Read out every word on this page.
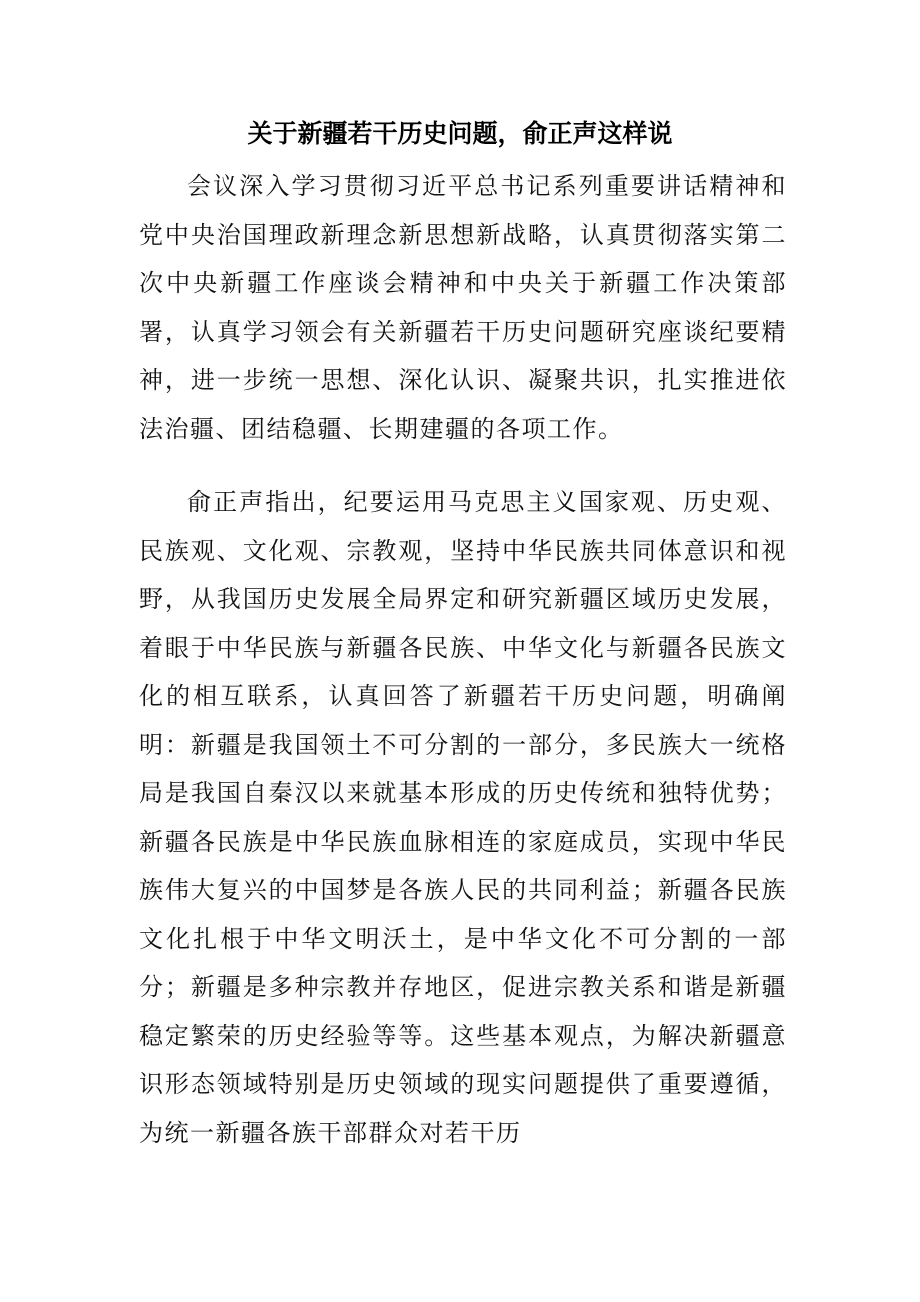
关于新疆若干历史问题，俞正声这样说

会议深入学习贯彻习近平总书记系列重要讲话精神和党中央治国理政新理念新思想新战略，认真贯彻落实第二次中央新疆工作座谈会精神和中央关于新疆工作决策部署，认真学习领会有关新疆若干历史问题研究座谈纪要精神，进一步统一思想、深化认识、凝聚共识，扎实推进依法治疆、团结稳疆、长期建疆的各项工作。

俞正声指出，纪要运用马克思主义国家观、历史观、民族观、文化观、宗教观，坚持中华民族共同体意识和视野，从我国历史发展全局界定和研究新疆区域历史发展，着眼于中华民族与新疆各民族、中华文化与新疆各民族文化的相互联系，认真回答了新疆若干历史问题，明确阐明：新疆是我国领土不可分割的一部分，多民族大一统格局是我国自秦汉以来就基本形成的历史传统和独特优势；新疆各民族是中华民族血脉相连的家庭成员，实现中华民族伟大复兴的中国梦是各族人民的共同利益；新疆各民族文化扎根于中华文明沃土，是中华文化不可分割的一部分；新疆是多种宗教并存地区，促进宗教关系和谐是新疆稳定繁荣的历史经验等等。这些基本观点，为解决新疆意识形态领域特别是历史领域的现实问题提供了重要遵循，为统一新疆各族干部群众对若干历
